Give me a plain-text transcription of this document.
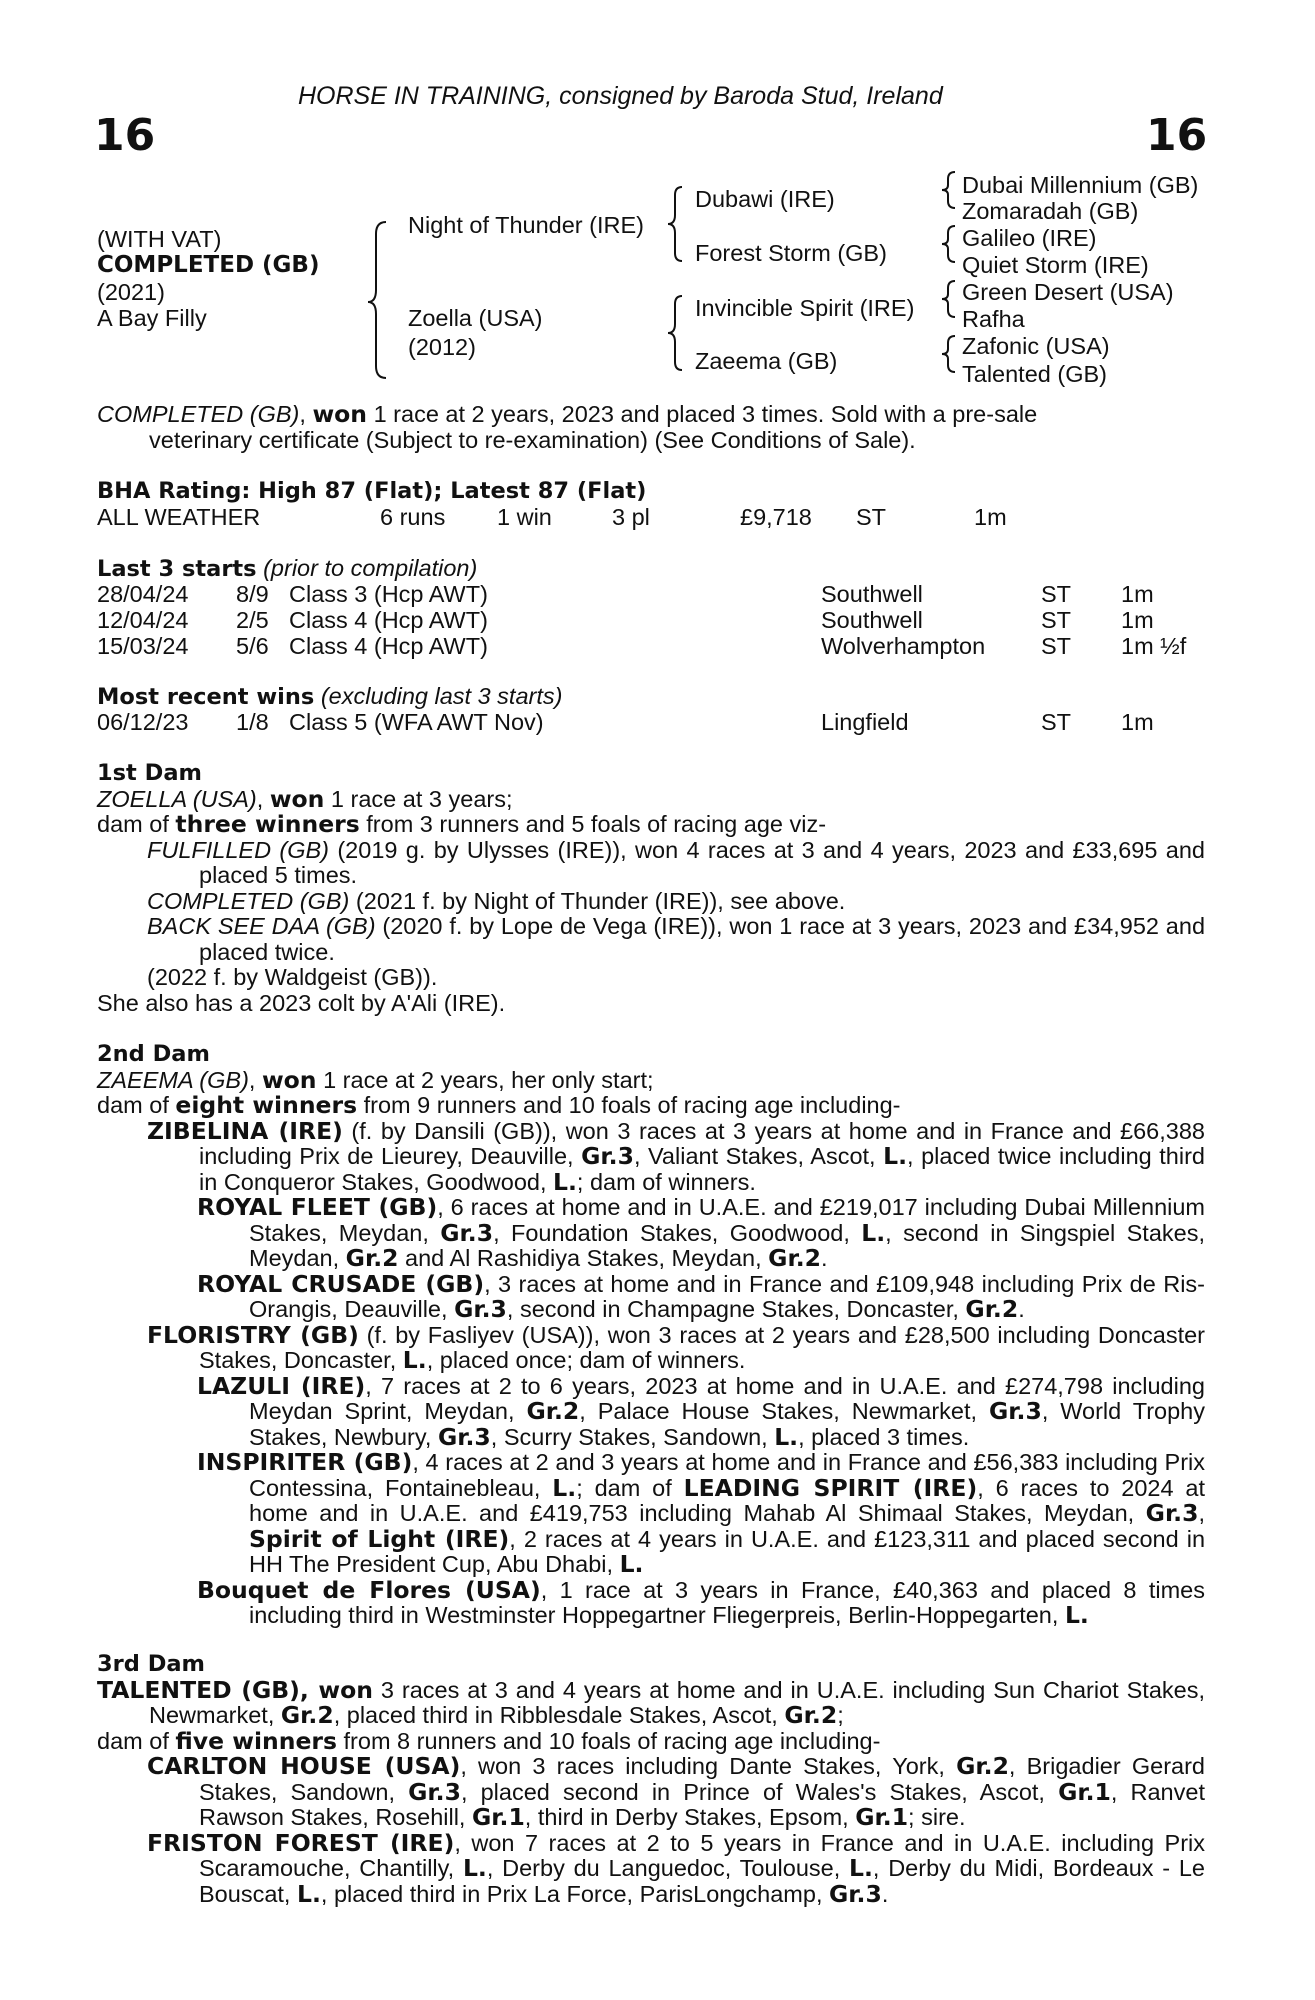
HORSE IN TRAINING, consigned by Baroda Stud, Ireland
16	16
(WITH VAT)
COMPLETED (GB)
(2021)
A Bay Filly
Night of Thunder (IRE)
Zoella (USA)
(2012)
Dubawi (IRE)
Forest Storm (GB)
Invincible Spirit (IRE)
Zaeema (GB)
Dubai Millennium (GB)
Zomaradah (GB)
Galileo (IRE)
Quiet Storm (IRE)
Green Desert (USA)
Rafha
Zafonic (USA)
Talented (GB)

COMPLETED (GB), won 1 race at 2 years, 2023 and placed 3 times. Sold with a pre-sale

veterinary certificate (Subject to re-examination) (See Conditions of Sale).

BHA Rating: High 87 (Flat); Latest 87 (Flat)
ALL WEATHER	6 runs 1 win	3 pl	£9,718 ST	1m
Last 3 starts (prior to compilation)
28/04/24 8/9 Class 3 (Hcp AWT)	Southwell	ST 1m
12/04/24 2/5 Class 4 (Hcp AWT)	Southwell	ST 1m
15/03/24 5/6 Class 4 (Hcp AWT)	Wolverhampton ST 1m ½f
Most recent wins (excluding last 3 starts)
06/12/23 1/8 Class 5 (WFA AWT Nov)	Lingfield	ST 1m

1st Dam

ZOELLA (USA), won 1 race at 3 years;

dam of three winners from 3 runners and 5 foals of racing age viz-

FULFILLED (GB) (2019 g. by Ulysses (IRE)), won 4 races at 3 and 4 years, 2023 and £33,695 and placed 5 times.

COMPLETED (GB) (2021 f. by Night of Thunder (IRE)), see above.

BACK SEE DAA (GB) (2020 f. by Lope de Vega (IRE)), won 1 race at 3 years, 2023 and £34,952 and placed twice.

(2022 f. by Waldgeist (GB)).

She also has a 2023 colt by A'Ali (IRE).

2nd Dam

ZAEEMA (GB), won 1 race at 2 years, her only start;

dam of eight winners from 9 runners and 10 foals of racing age including-

ZIBELINA (IRE) (f. by Dansili (GB)), won 3 races at 3 years at home and in France and £66,388 including Prix de Lieurey, Deauville, Gr.3, Valiant Stakes, Ascot, L., placed twice including third in Conqueror Stakes, Goodwood, L.; dam of winners.

ROYAL FLEET (GB), 6 races at home and in U.A.E. and £219,017 including Dubai Millennium Stakes, Meydan, Gr.3, Foundation Stakes, Goodwood, L., second in Singspiel Stakes, Meydan, Gr.2 and Al Rashidiya Stakes, Meydan, Gr.2.

ROYAL CRUSADE (GB), 3 races at home and in France and £109,948 including Prix de Ris-Orangis, Deauville, Gr.3, second in Champagne Stakes, Doncaster, Gr.2.

FLORISTRY (GB) (f. by Fasliyev (USA)), won 3 races at 2 years and £28,500 including Doncaster Stakes, Doncaster, L., placed once; dam of winners.

LAZULI (IRE), 7 races at 2 to 6 years, 2023 at home and in U.A.E. and £274,798 including Meydan Sprint, Meydan, Gr.2, Palace House Stakes, Newmarket, Gr.3, World Trophy Stakes, Newbury, Gr.3, Scurry Stakes, Sandown, L., placed 3 times.

INSPIRITER (GB), 4 races at 2 and 3 years at home and in France and £56,383 including Prix Contessina, Fontainebleau, L.; dam of LEADING SPIRIT (IRE), 6 races to 2024 at home and in U.A.E. and £419,753 including Mahab Al Shimaal Stakes, Meydan, Gr.3, Spirit of Light (IRE), 2 races at 4 years in U.A.E. and £123,311 and placed second in HH The President Cup, Abu Dhabi, L.

Bouquet de Flores (USA), 1 race at 3 years in France, £40,363 and placed 8 times including third in Westminster Hoppegartner Fliegerpreis, Berlin-Hoppegarten, L.

3rd Dam

TALENTED (GB), won 3 races at 3 and 4 years at home and in U.A.E. including Sun Chariot Stakes, Newmarket, Gr.2, placed third in Ribblesdale Stakes, Ascot, Gr.2;

dam of five winners from 8 runners and 10 foals of racing age including-

CARLTON HOUSE (USA), won 3 races including Dante Stakes, York, Gr.2, Brigadier Gerard Stakes, Sandown, Gr.3, placed second in Prince of Wales's Stakes, Ascot, Gr.1, Ranvet Rawson Stakes, Rosehill, Gr.1, third in Derby Stakes, Epsom, Gr.1; sire.

FRISTON FOREST (IRE), won 7 races at 2 to 5 years in France and in U.A.E. including Prix Scaramouche, Chantilly, L., Derby du Languedoc, Toulouse, L., Derby du Midi, Bordeaux - Le Bouscat, L., placed third in Prix La Force, ParisLongchamp, Gr.3.
